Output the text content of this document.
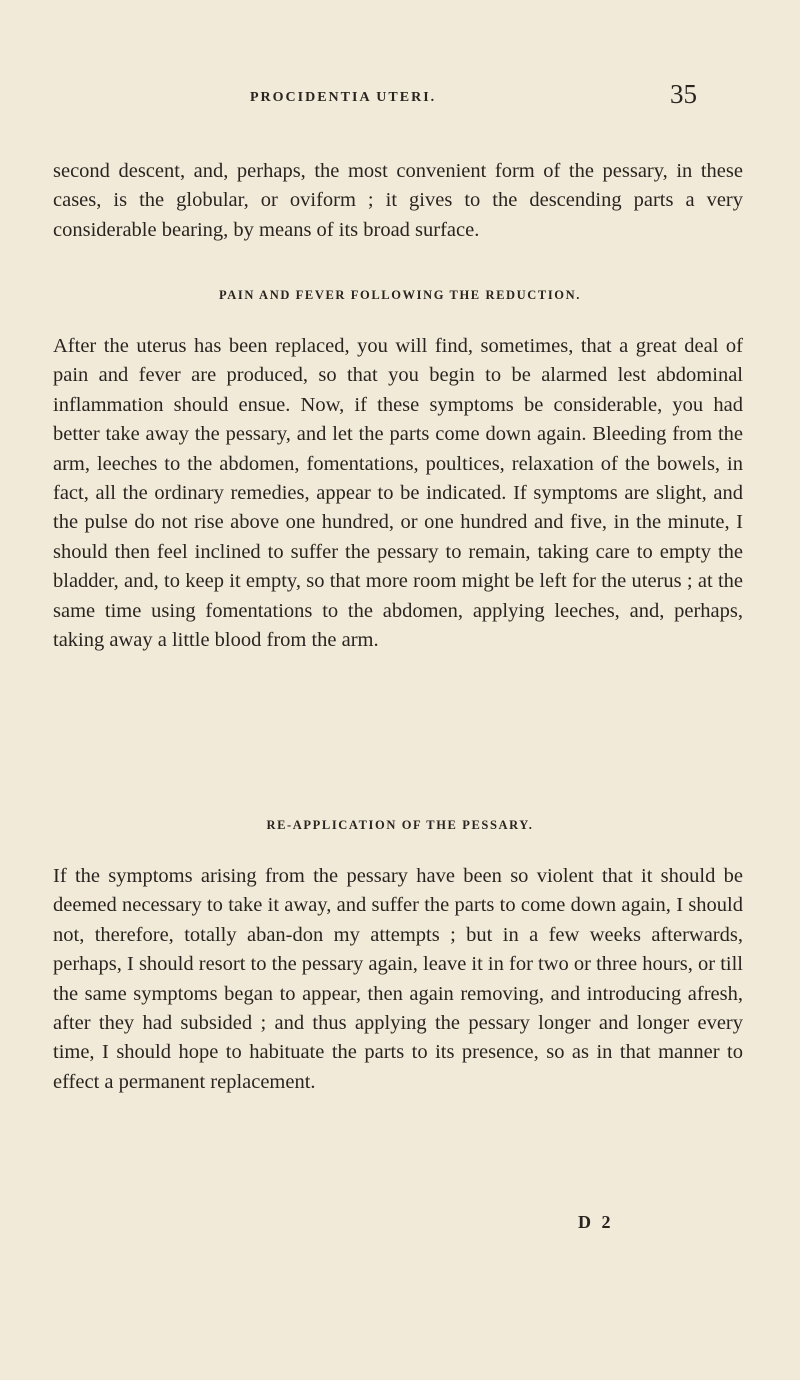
PROCIDENTIA UTERI.	35

second descent, and, perhaps, the most convenient form of the pessary, in these cases, is the globular, or oviform ; it gives to the descending parts a very considerable bearing, by means of its broad surface.

PAIN AND FEVER FOLLOWING THE REDUCTION.

After the uterus has been replaced, you will find, sometimes, that a great deal of pain and fever are produced, so that you begin to be alarmed lest abdominal inflammation should ensue. Now, if these symptoms be considerable, you had better take away the pessary, and let the parts come down again. Bleeding from the arm, leeches to the abdomen, fomentations, poultices, relaxation of the bowels, in fact, all the ordinary remedies, appear to be indicated. If symptoms are slight, and the pulse do not rise above one hundred, or one hundred and five, in the minute, I should then feel inclined to suffer the pessary to remain, taking care to empty the bladder, and, to keep it empty, so that more room might be left for the uterus ; at the same time using fomentations to the abdomen, applying leeches, and, perhaps, taking away a little blood from the arm.

RE-APPLICATION OF THE PESSARY.

If the symptoms arising from the pessary have been so violent that it should be deemed necessary to take it away, and suffer the parts to come down again, I should not, therefore, totally aban-don my attempts ; but in a few weeks afterwards, perhaps, I should resort to the pessary again, leave it in for two or three hours, or till the same symptoms began to appear, then again removing, and introducing afresh, after they had subsided ; and thus applying the pessary longer and longer every time, I should hope to habituate the parts to its presence, so as in that manner to effect a permanent replacement.

D 2
